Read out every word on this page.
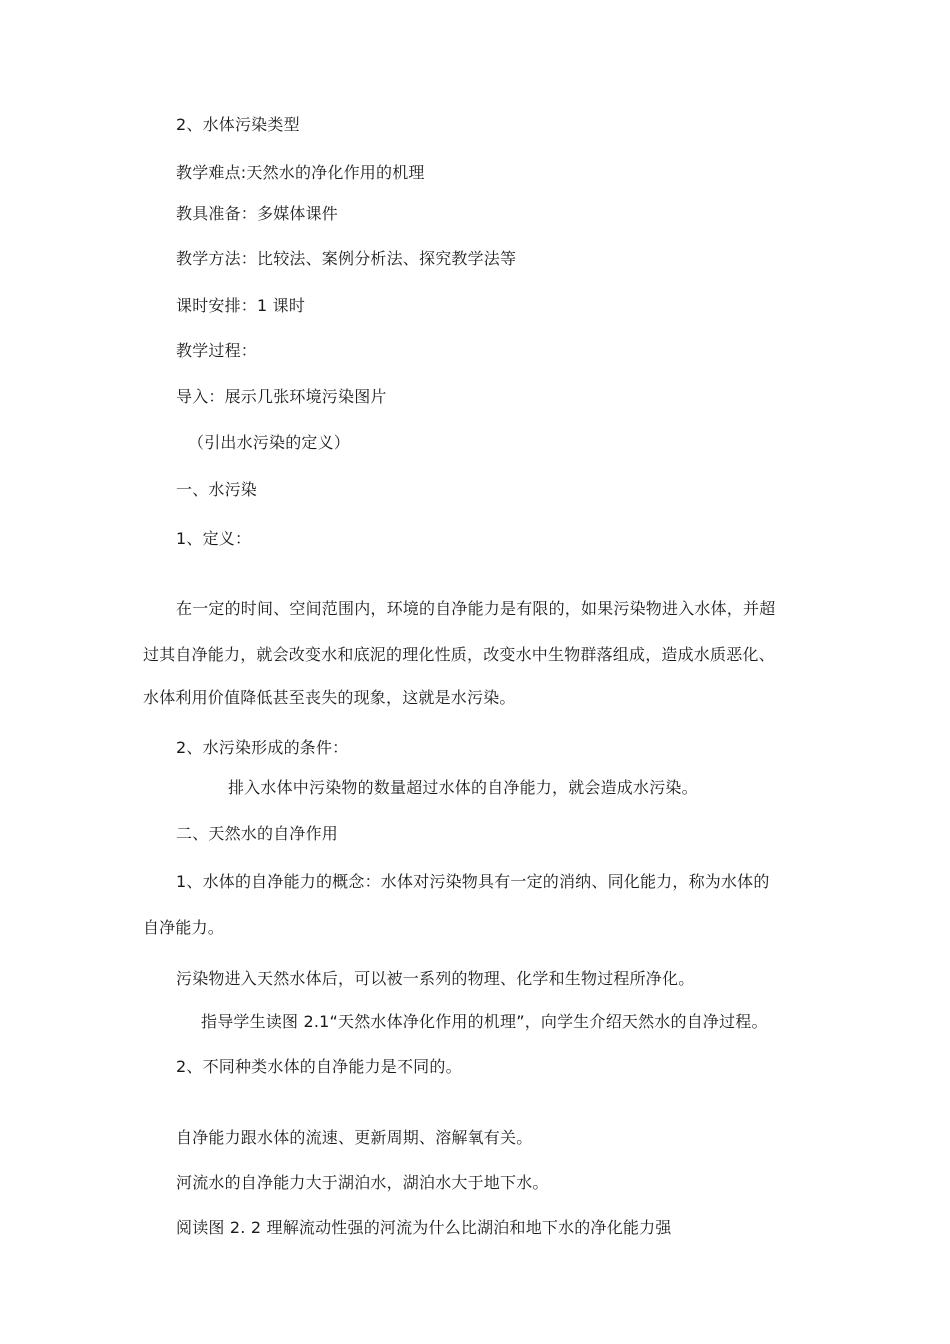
2、水体污染类型
教学难点:天然水的净化作用的机理
教具准备：多媒体课件
教学方法：比较法、案例分析法、探究教学法等
课时安排：1 课时
教学过程：
导入：展示几张环境污染图片
（引出水污染的定义）
一、水污染
1、定义：
在一定的时间、空间范围内，环境的自净能力是有限的，如果污染物进入水体，并超
过其自净能力，就会改变水和底泥的理化性质，改变水中生物群落组成，造成水质恶化、
水体利用价值降低甚至丧失的现象，这就是水污染。
2、水污染形成的条件：
排入水体中污染物的数量超过水体的自净能力，就会造成水污染。
二、天然水的自净作用
1、水体的自净能力的概念：水体对污染物具有一定的消纳、同化能力，称为水体的
自净能力。
污染物进入天然水体后，可以被一系列的物理、化学和生物过程所净化。
指导学生读图 2.1“天然水体净化作用的机理”，向学生介绍天然水的自净过程。
2、不同种类水体的自净能力是不同的。
自净能力跟水体的流速、更新周期、溶解氧有关。
河流水的自净能力大于湖泊水，湖泊水大于地下水。
阅读图 2. 2 理解流动性强的河流为什么比湖泊和地下水的净化能力强
